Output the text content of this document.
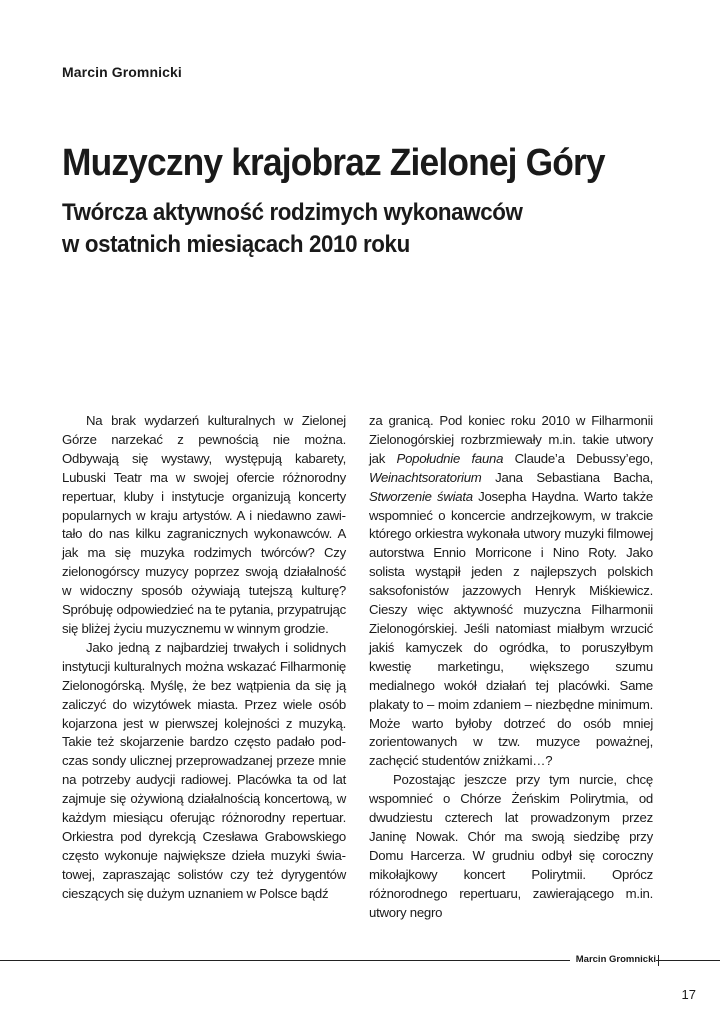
Marcin Gromnicki
Muzyczny krajobraz Zielonej Góry
Twórcza aktywność rodzimych wykonawców
w ostatnich miesiącach 2010 roku

Na brak wydarzeń kulturalnych w Zielonej Górze narzekać z pewnością nie można. Odbywają się wystawy, występują kabarety, Lubuski Teatr ma w swojej ofercie różnorodny repertuar, kluby i instytucje organizują koncerty popularnych w kraju artystów. A i niedawno zawitało do nas kilku zagranicznych wykonawców. A jak ma się muzyka rodzimych twórców? Czy zielonogórscy muzycy poprzez swoją działalność w widoczny sposób ożywiają tutejszą kulturę? Spróbuję odpowiedzieć na te pytania, przypatrując się bliżej życiu muzycznemu w winnym grodzie.

Jako jedną z najbardziej trwałych i solidnych instytucji kulturalnych można wskazać Filharmonię Zielonogórską. Myślę, że bez wątpienia da się ją zaliczyć do wizytówek miasta. Przez wiele osób kojarzona jest w pierwszej kolejności z muzyką. Takie też skojarzenie bardzo często padało podczas sondy ulicznej przeprowadzanej przeze mnie na potrzeby audycji radiowej. Placówka ta od lat zajmuje się ożywioną działalnością koncertową, w każdym miesiącu oferując różnorodny repertuar. Orkiestra pod dyrekcją Czesława Grabowskiego często wykonuje największe dzieła muzyki światowej, zapraszając solistów czy też dyrygentów cieszących się dużym uznaniem w Polsce bądź

za granicą. Pod koniec roku 2010 w Filharmonii Zielonogórskiej rozbrzmiewały m.in. takie utwory jak Popołudnie fauna Claude’a Debussy’ego, Weinachtsoratorium Jana Sebastiana Bacha, Stworzenie świata Josepha Haydna. Warto także wspomnieć o koncercie andrzejkowym, w trakcie którego orkiestra wykonała utwory muzyki filmowej autorstwa Ennio Morricone i Nino Roty. Jako solista wystąpił jeden z najlepszych polskich saksofonistów jazzowych Henryk Miśkiewicz. Cieszy więc aktywność muzyczna Filharmonii Zielonogórskiej. Jeśli natomiast miałbym wrzucić jakiś kamyczek do ogródka, to poruszyłbym kwestię marketingu, większego szumu medialnego wokół działań tej placówki. Same plakaty to – moim zdaniem – niezbędne minimum. Może warto byłoby dotrzeć do osób mniej zorientowanych w tzw. muzyce poważnej, zachęcić studentów zniżkami…?

Pozostając jeszcze przy tym nurcie, chcę wspomnieć o Chórze Żeńskim Polirytmia, od dwudziestu czterech lat prowadzonym przez Janinę Nowak. Chór ma swoją siedzibę przy Domu Harcerza. W grudniu odbył się coroczny mikołajkowy koncert Polirytmii. Oprócz różnorodnego repertuaru, zawierającego m.in. utwory negro

Marcin Gromnicki
17
